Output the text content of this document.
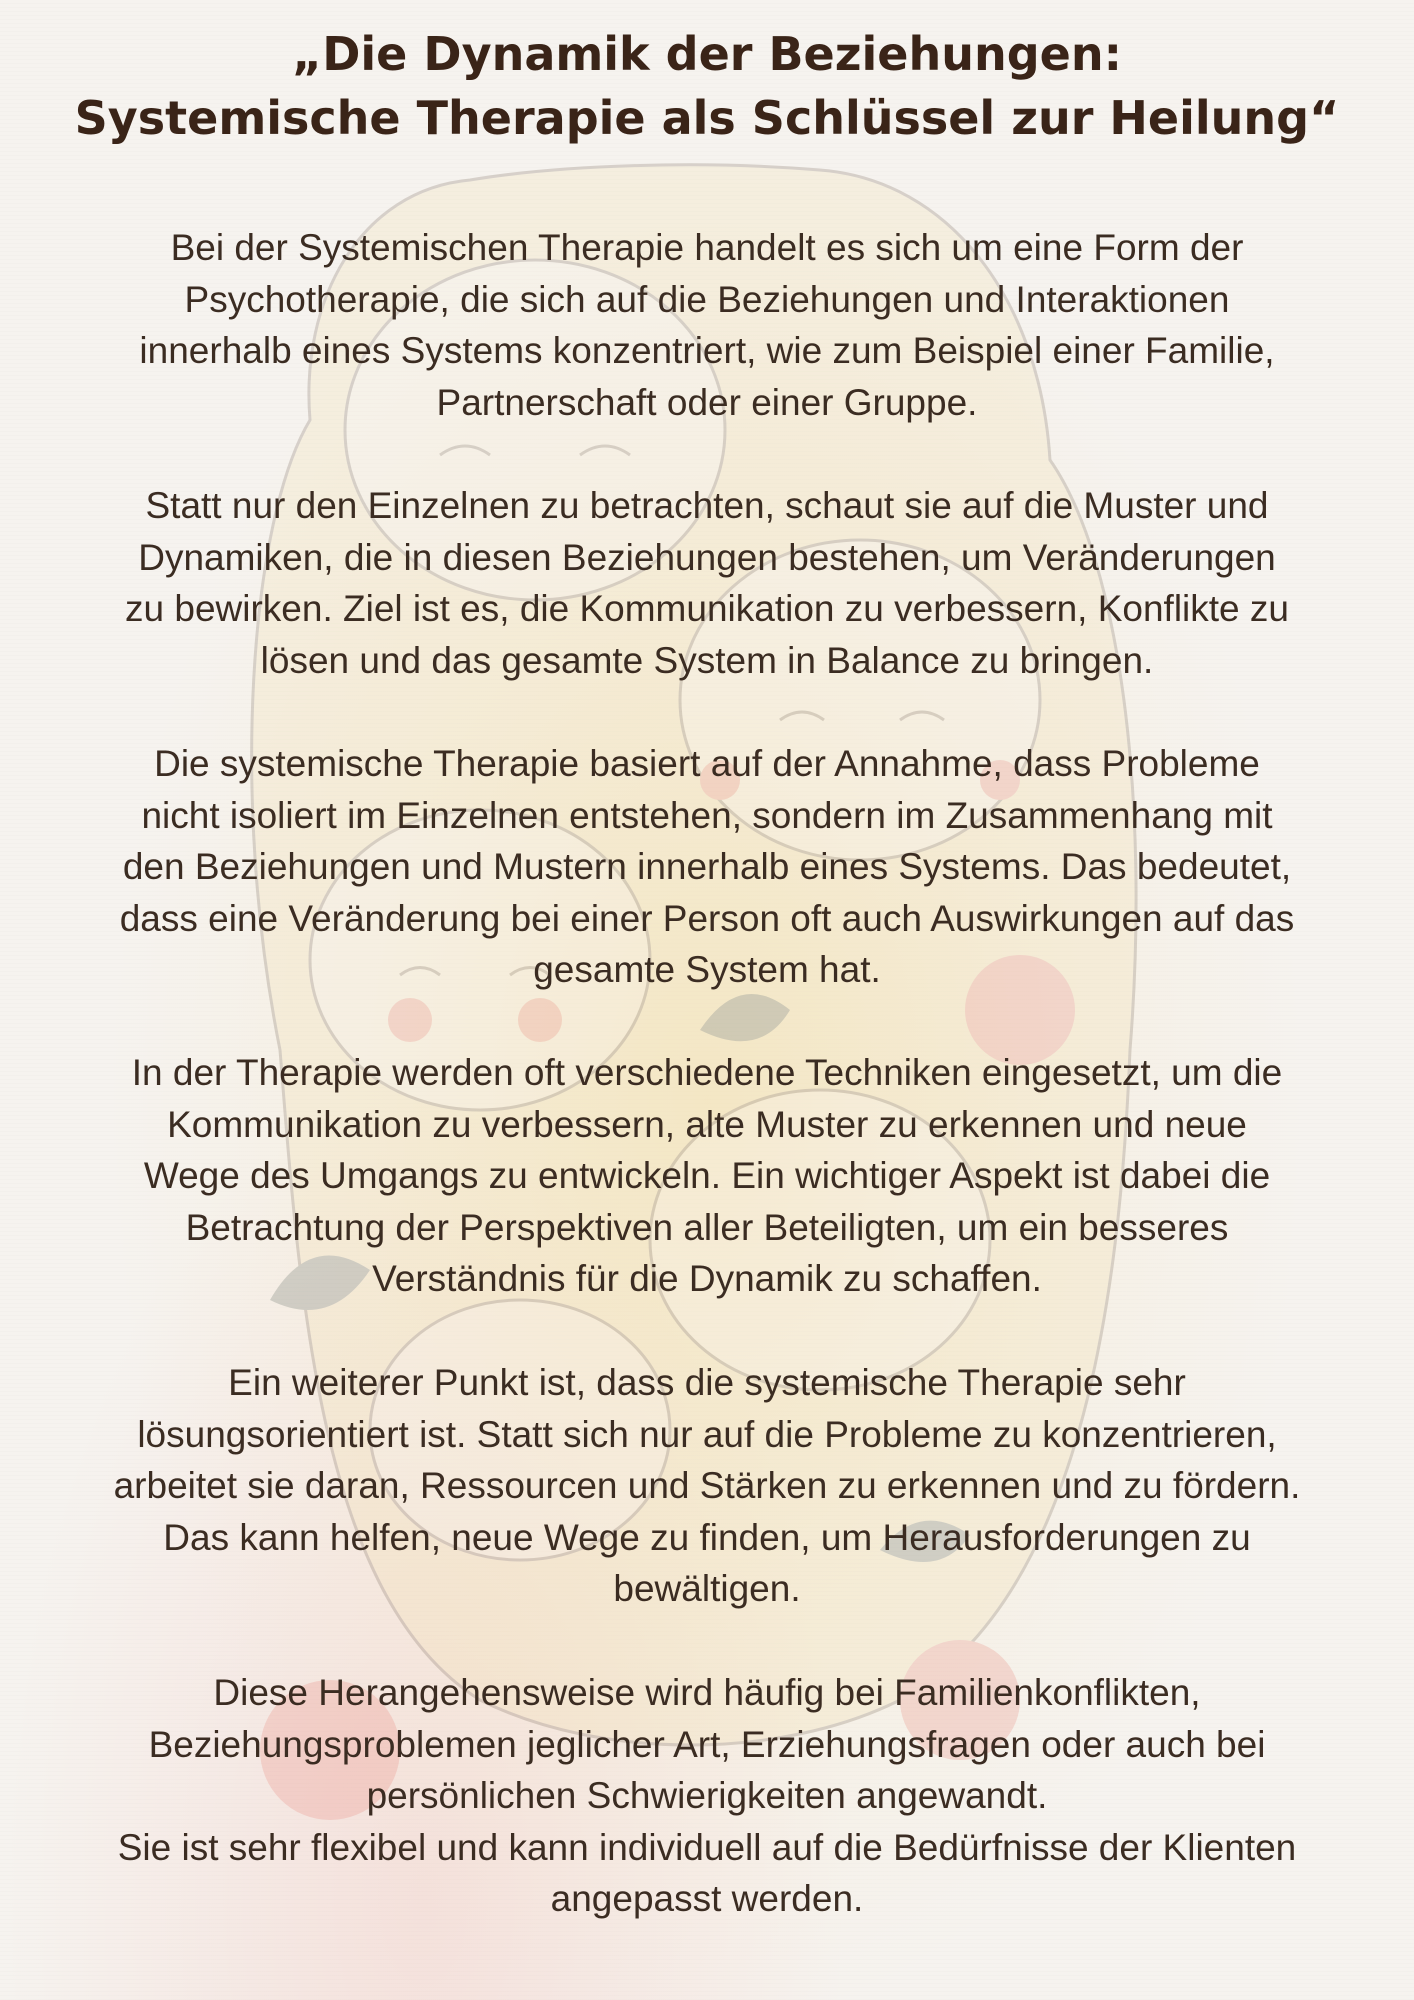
„Die Dynamik der Beziehungen:
Systemische Therapie als Schlüssel zur Heilung“

Bei der Systemischen Therapie handelt es sich um eine Form der
Psychotherapie, die sich auf die Beziehungen und Interaktionen
innerhalb eines Systems konzentriert, wie zum Beispiel einer Familie,
Partnerschaft oder einer Gruppe.

Statt nur den Einzelnen zu betrachten, schaut sie auf die Muster und
Dynamiken, die in diesen Beziehungen bestehen, um Veränderungen
zu bewirken. Ziel ist es, die Kommunikation zu verbessern, Konflikte zu
lösen und das gesamte System in Balance zu bringen.

Die systemische Therapie basiert auf der Annahme, dass Probleme
nicht isoliert im Einzelnen entstehen, sondern im Zusammenhang mit
den Beziehungen und Mustern innerhalb eines Systems. Das bedeutet,
dass eine Veränderung bei einer Person oft auch Auswirkungen auf das
gesamte System hat.

In der Therapie werden oft verschiedene Techniken eingesetzt, um die
Kommunikation zu verbessern, alte Muster zu erkennen und neue
Wege des Umgangs zu entwickeln. Ein wichtiger Aspekt ist dabei die
Betrachtung der Perspektiven aller Beteiligten, um ein besseres
Verständnis für die Dynamik zu schaffen.

Ein weiterer Punkt ist, dass die systemische Therapie sehr
lösungsorientiert ist. Statt sich nur auf die Probleme zu konzentrieren,
arbeitet sie daran, Ressourcen und Stärken zu erkennen und zu fördern.
Das kann helfen, neue Wege zu finden, um Herausforderungen zu
bewältigen.

Diese Herangehensweise wird häufig bei Familienkonflikten,
Beziehungsproblemen jeglicher Art, Erziehungsfragen oder auch bei
persönlichen Schwierigkeiten angewandt.
Sie ist sehr flexibel und kann individuell auf die Bedürfnisse der Klienten
angepasst werden.
